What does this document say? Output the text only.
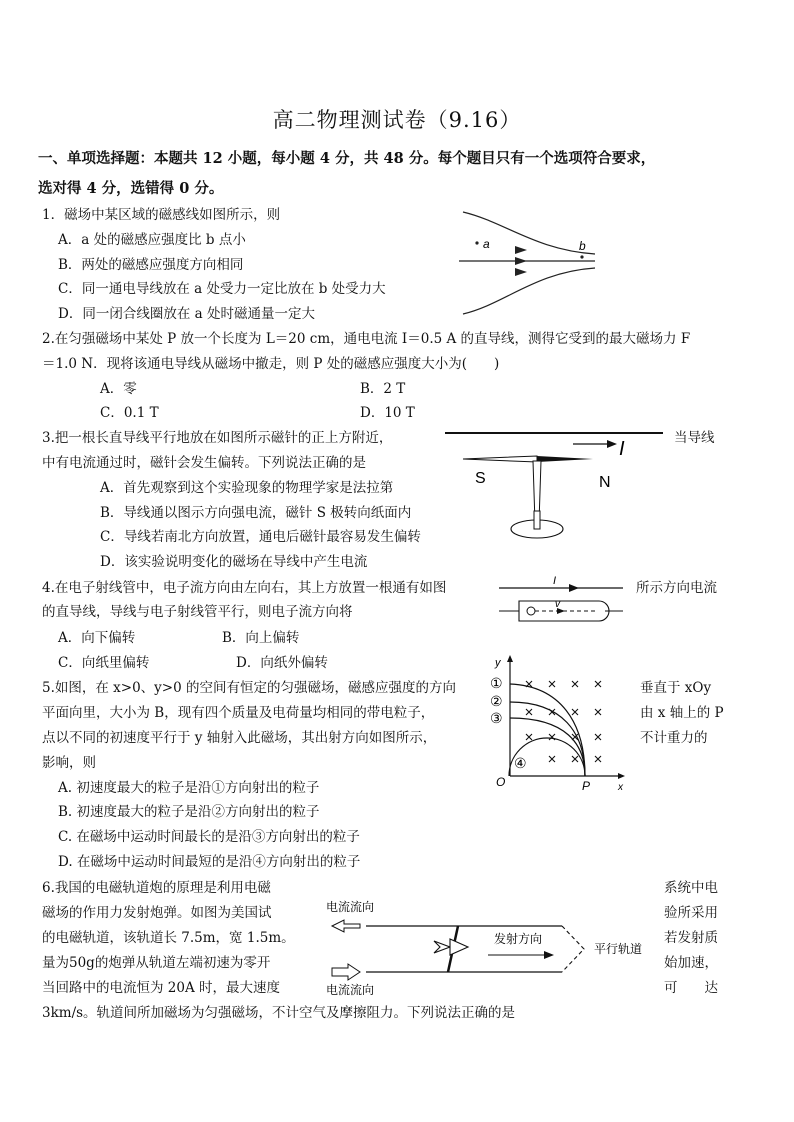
高二物理测试卷（9.16）
一、单项选择题：本题共 12 小题，每小题 4 分，共 48 分。每个题目只有一个选项符合要求，
选对得 4 分，选错得 0 分。
1．磁场中某区域的磁感线如图所示，则
A．a 处的磁感应强度比 b 点小
B．两处的磁感应强度方向相同
C．同一通电导线放在 a 处受力一定比放在 b 处受力大
D．同一闭合线圈放在 a 处时磁通量一定大
a	b
2.在匀强磁场中某处 P 放一个长度为 L＝20 cm，通电电流 I＝0.5 A 的直导线，测得它受到的最大磁场力 F
＝1.0 N．现将该通电导线从磁场中撤走，则 P 处的磁感应强度大小为(　　)
A．零	B．2 T
C．0.1 T	D．10 T
3.把一根长直导线平行地放在如图所示磁针的正上方附近，	当导线
中有电流通过时，磁针会发生偏转。下列说法正确的是
A．首先观察到这个实验现象的物理学家是法拉第
B．导线通以图示方向强电流，磁针 S 极转向纸面内
C．导线若南北方向放置，通电后磁针最容易发生偏转
D．该实验说明变化的磁场在导线中产生电流
I
S	N
4.在电子射线管中，电子流方向由左向右，其上方放置一根通有如图	所示方向电流
的直导线，导线与电子射线管平行，则电子流方向将
A．向下偏转	B．向上偏转
C．向纸里偏转	D．向纸外偏转
I
v
5.如图，在 x>0、y>0 的空间有恒定的匀强磁场，磁感应强度的方向	垂直于 xOy
平面向里，大小为 B，现有四个质量及电荷量均相同的带电粒子，	由 x 轴上的 P
点以不同的初速度平行于 y 轴射入此磁场，其出射方向如图所示，	不计重力的
影响，则
A. 初速度最大的粒子是沿①方向射出的粒子
B. 初速度最大的粒子是沿②方向射出的粒子
C. 在磁场中运动时间最长的是沿③方向射出的粒子
D. 在磁场中运动时间最短的是沿④方向射出的粒子
y
x
O	P
①
②
③
④
6.我国的电磁轨道炮的原理是利用电磁
磁场的作用力发射炮弹。如图为美国试
的电磁轨道，该轨道长 7.5m，宽 1.5m。
量为50g的炮弹从轨道左端初速为零开
当回路中的电流恒为 20A 时，最大速度
系统中电
验所采用
若发射质
始加速，
可　　达
3km/s。轨道间所加磁场为匀强磁场，不计空气及摩擦阻力。下列说法正确的是
电流流向
电流流向
发射方向
平行轨道
